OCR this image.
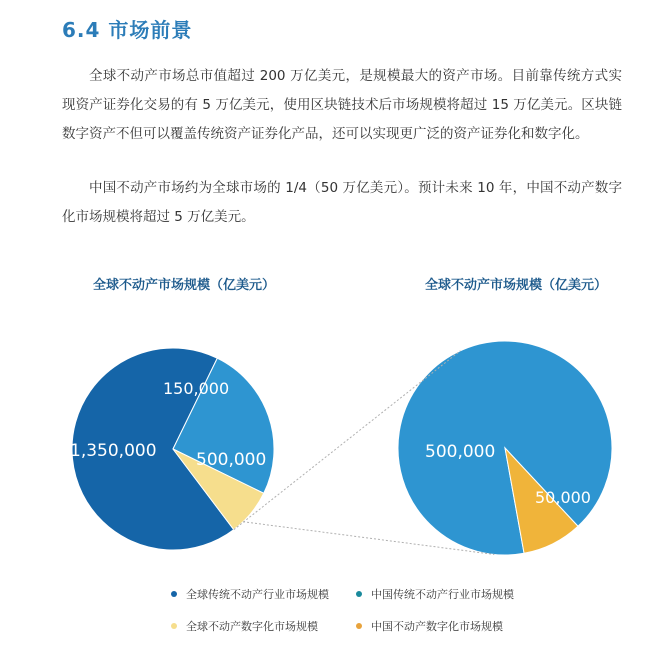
6.4 市场前景
全球不动产市场总市值超过 200 万亿美元，是规模最大的资产市场。目前靠传统方式实现资产证券化交易的有 5 万亿美元，使用区块链技术后市场规模将超过 15 万亿美元。区块链数字资产不但可以覆盖传统资产证券化产品，还可以实现更广泛的资产证券化和数字化。
中国不动产市场约为全球市场的 1/4（50 万亿美元）。预计未来 10 年，中国不动产数字化市场规模将超过 5 万亿美元。
全球不动产市场规模（亿美元）	全球不动产市场规模（亿美元）
1,350,000 500,000
150,000
500,000
50,000
全球传统不动产行业市场规模	中国传统不动产行业市场规模
全球不动产数字化市场规模	中国不动产数字化市场规模
